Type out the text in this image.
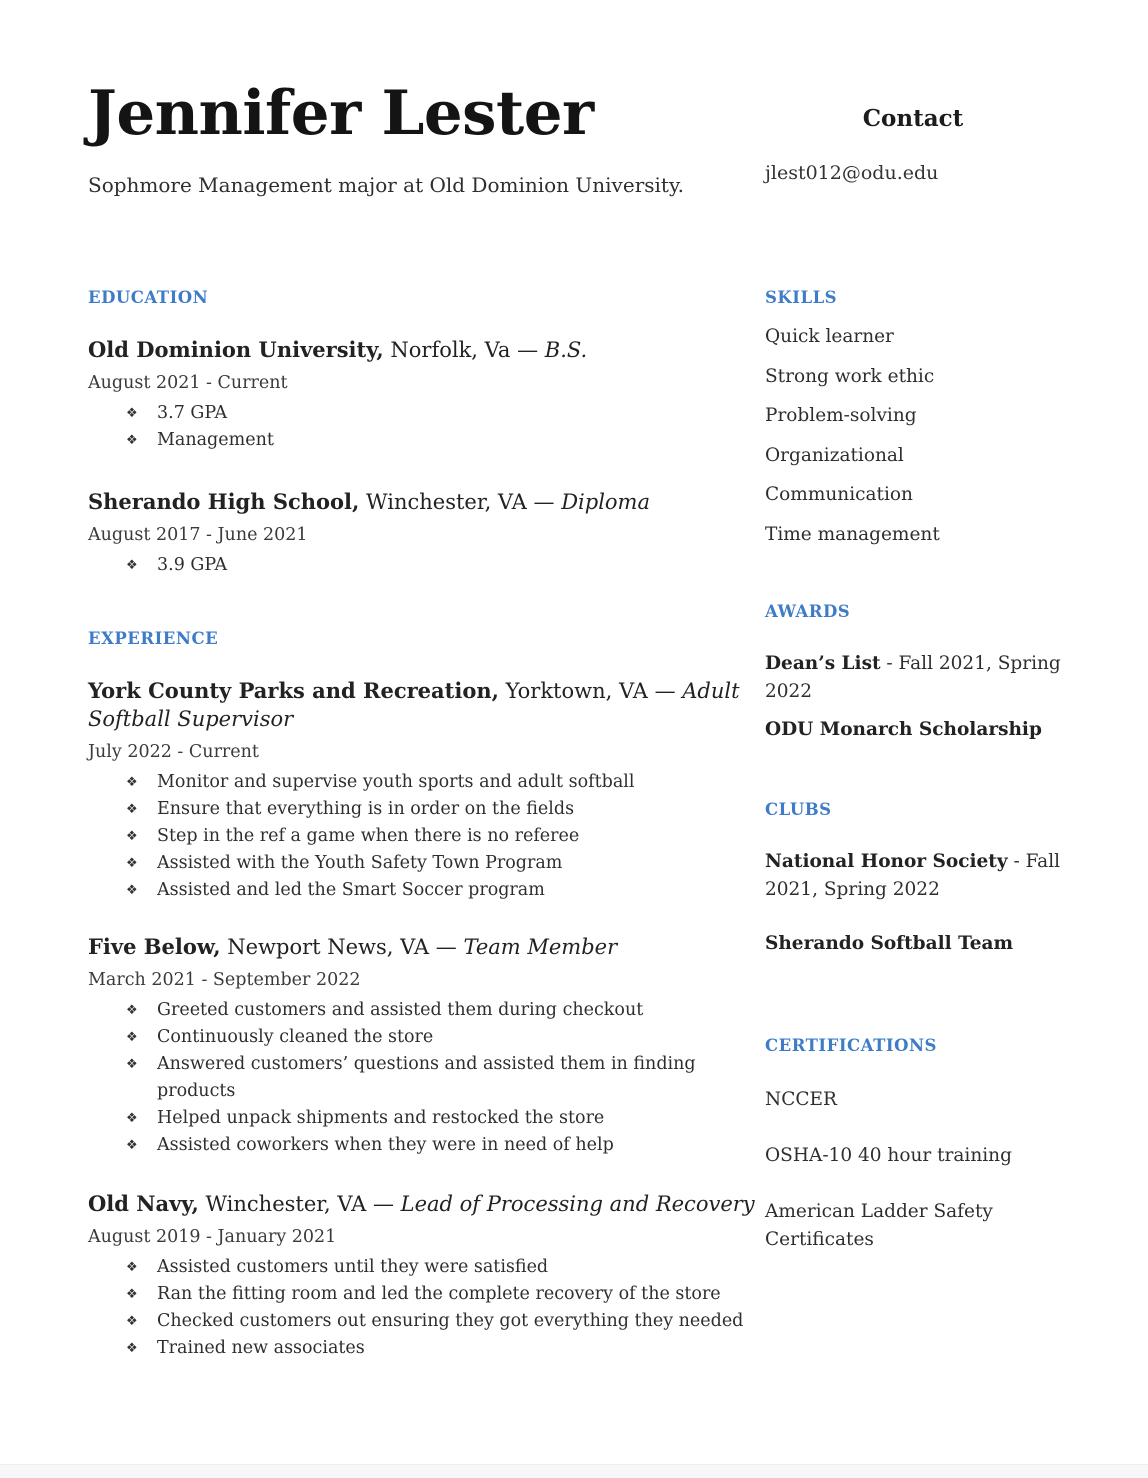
Jennifer Lester
Sophmore Management major at Old Dominion University.
Contact
jlest012@odu.edu
EDUCATION
Old Dominion University, Norfolk, Va — B.S.

August 2021 - Current

❖ 3.7 GPA
❖ Management
Sherando High School, Winchester, VA — Diploma

August 2017 - June 2021

❖ 3.9 GPA
EXPERIENCE
York County Parks and Recreation, Yorktown, VA — Adult Softball Supervisor

July 2022 - Current

❖ Monitor and supervise youth sports and adult softball
❖ Ensure that everything is in order on the fields
❖ Step in the ref a game when there is no referee
❖ Assisted with the Youth Safety Town Program
❖ Assisted and led the Smart Soccer program
Five Below, Newport News, VA — Team Member

March 2021 - September 2022

❖ Greeted customers and assisted them during checkout
❖ Continuously cleaned the store
❖ Answered customers’ questions and assisted them in finding products
❖ Helped unpack shipments and restocked the store
❖ Assisted coworkers when they were in need of help
Old Navy, Winchester, VA — Lead of Processing and Recovery

August 2019 - January 2021

❖ Assisted customers until they were satisfied
❖ Ran the fitting room and led the complete recovery of the store
❖ Checked customers out ensuring they got everything they needed
❖ Trained new associates
SKILLS
Quick learner
Strong work ethic
Problem-solving
Organizational
Communication
Time management
AWARDS
Dean’s List - Fall 2021, Spring 2022
ODU Monarch Scholarship
CLUBS
National Honor Society - Fall 2021, Spring 2022
Sherando Softball Team
CERTIFICATIONS
NCCER
OSHA-10 40 hour training
American Ladder Safety Certificates
